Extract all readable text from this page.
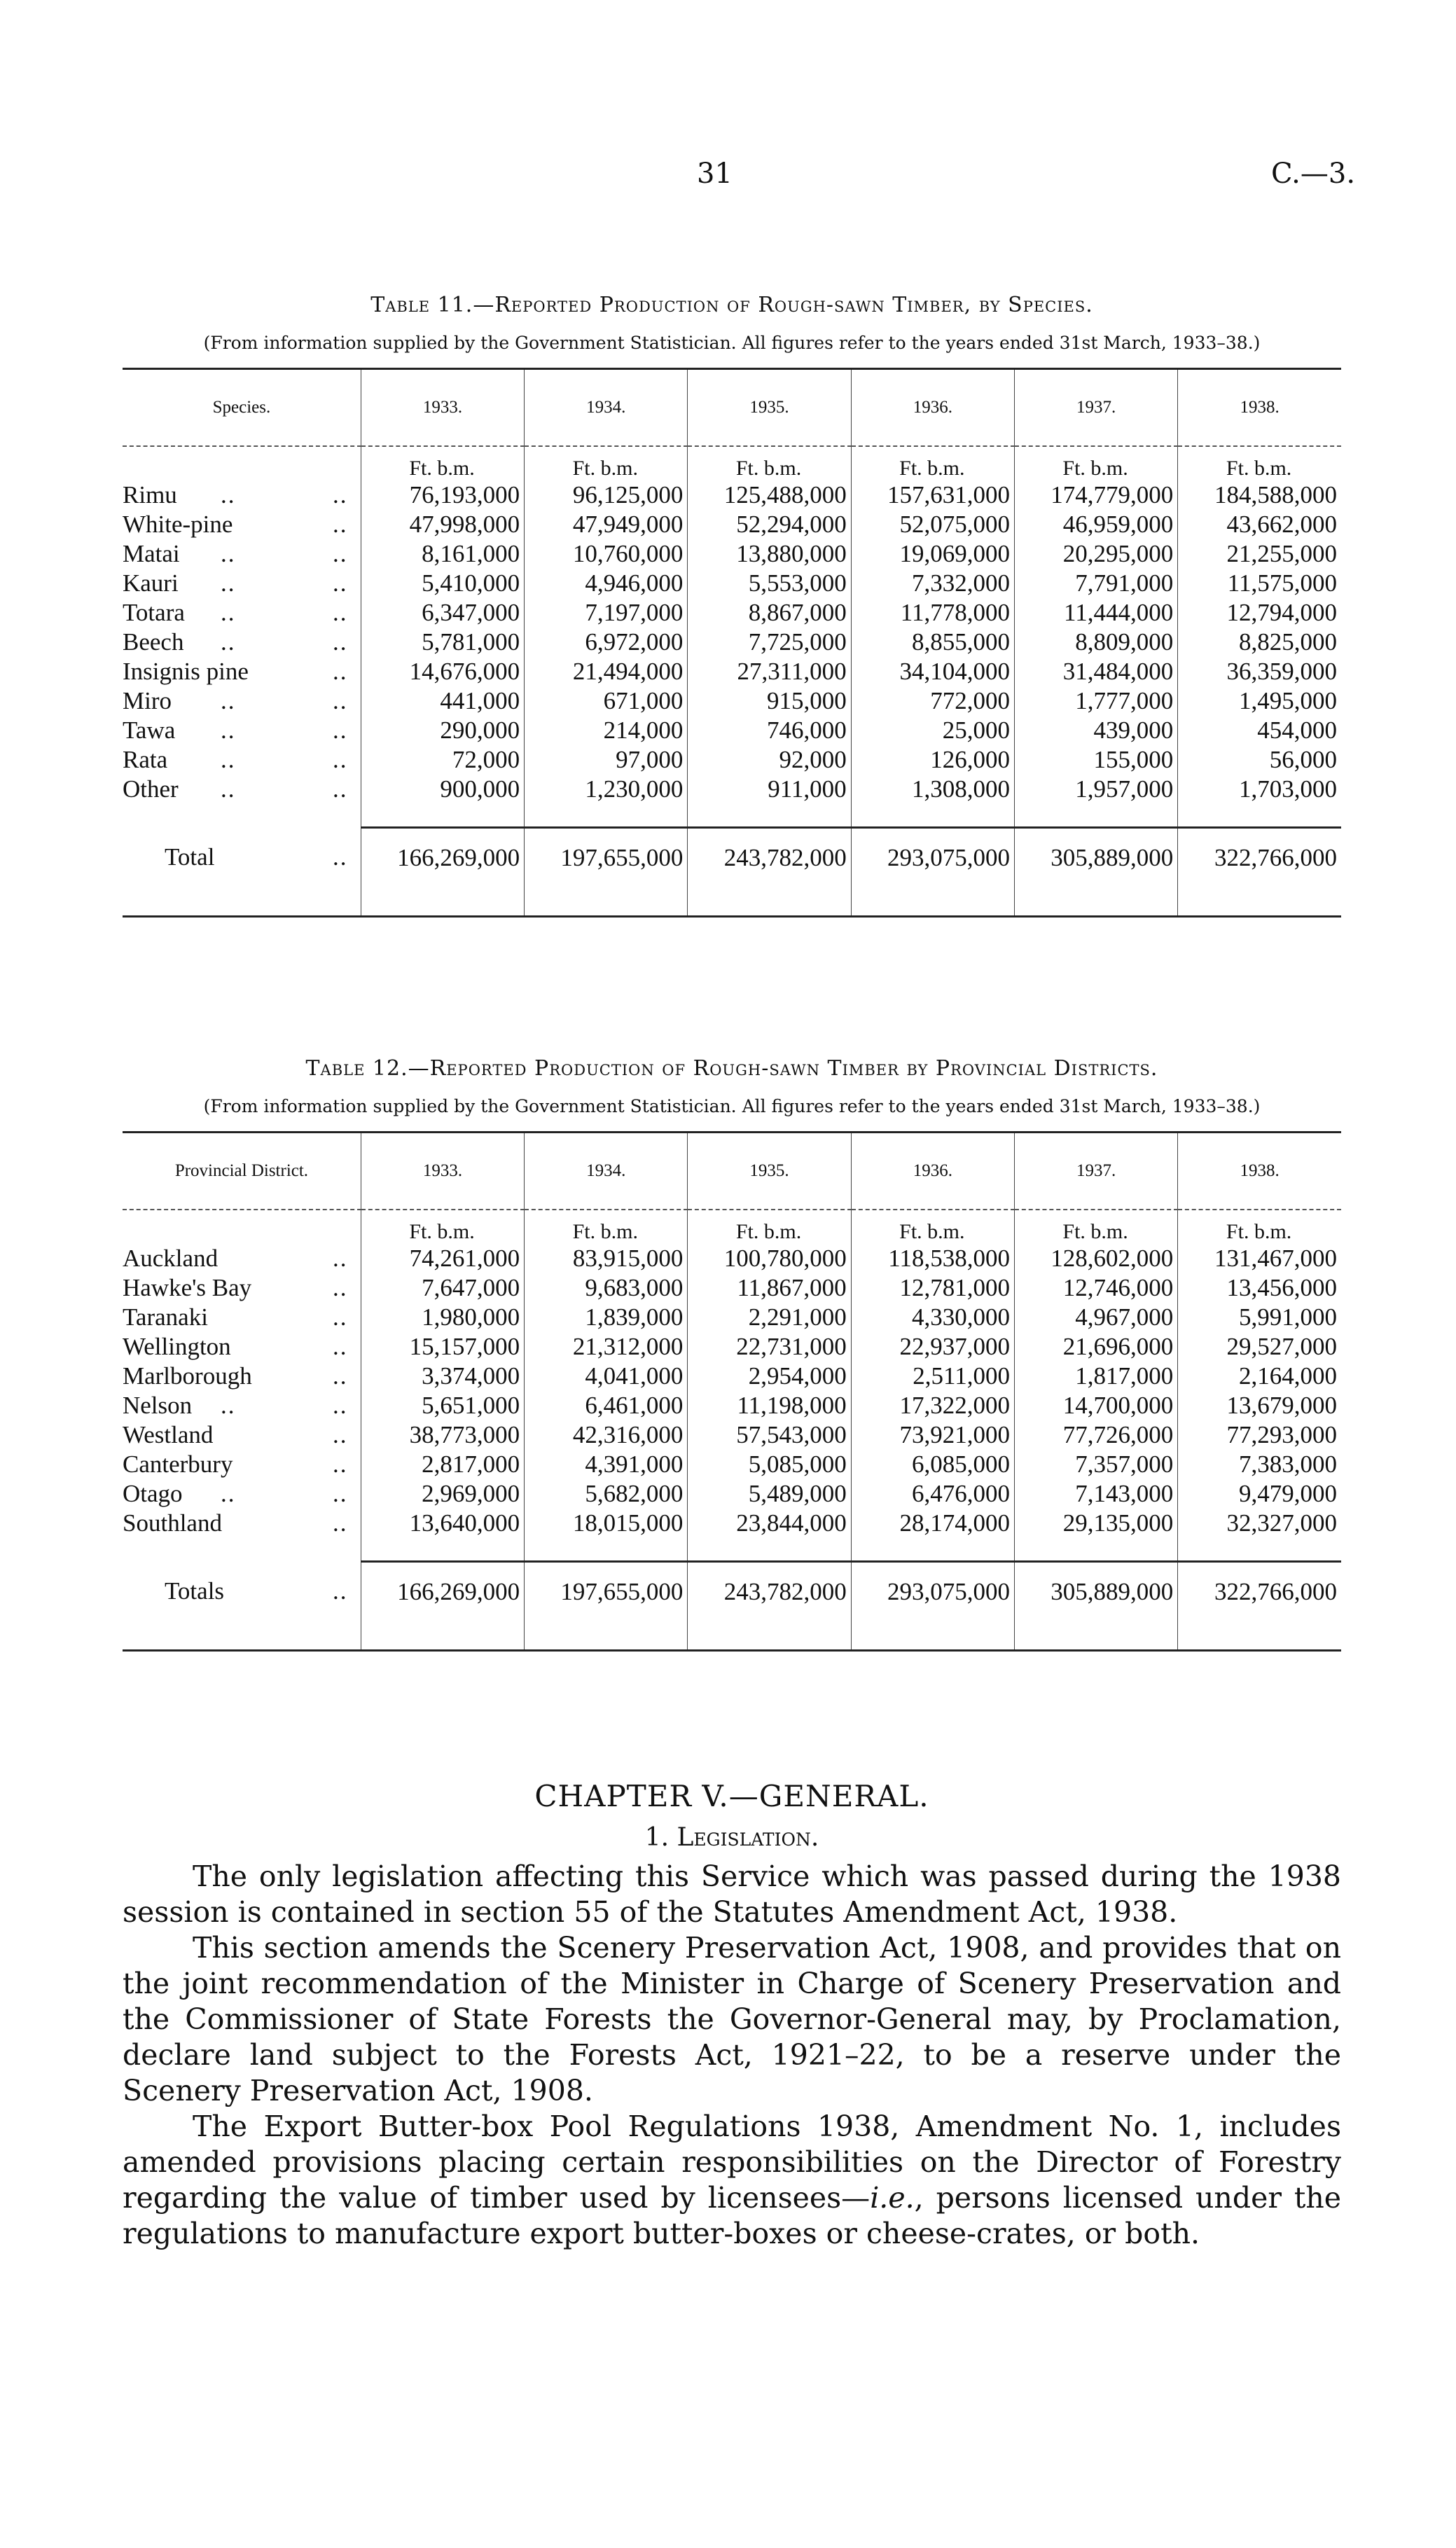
31	C.—3.

Table 11.—Reported Production of Rough-sawn Timber, by Species.

(From information supplied by the Government Statistician. All figures refer to the years ended 31st March, 1933–38.)
Species.	1933.	1934.	1935.	1936.	1937.	1938.
	Ft. b.m.	Ft. b.m.	Ft. b.m.	Ft. b.m.	Ft. b.m.	Ft. b.m.
Rimu .. ..	76,193,000	96,125,000	125,488,000	157,631,000	174,779,000	184,588,000
White-pine ..	47,998,000	47,949,000	52,294,000	52,075,000	46,959,000	43,662,000
Matai .. ..	8,161,000	10,760,000	13,880,000	19,069,000	20,295,000	21,255,000
Kauri .. ..	5,410,000	4,946,000	5,553,000	7,332,000	7,791,000	11,575,000
Totara .. ..	6,347,000	7,197,000	8,867,000	11,778,000	11,444,000	12,794,000
Beech .. ..	5,781,000	6,972,000	7,725,000	8,855,000	8,809,000	8,825,000
Insignis pine ..	14,676,000	21,494,000	27,311,000	34,104,000	31,484,000	36,359,000
Miro .. ..	441,000	671,000	915,000	772,000	1,777,000	1,495,000
Tawa .. ..	290,000	214,000	746,000	25,000	439,000	454,000
Rata .. ..	72,000	97,000	92,000	126,000	155,000	56,000
Other .. ..	900,000	1,230,000	911,000	1,308,000	1,957,000	1,703,000

Total ..	166,269,000	197,655,000	243,782,000	293,075,000	305,889,000	322,766,000

Table 12.—Reported Production of Rough-sawn Timber by Provincial Districts.

(From information supplied by the Government Statistician. All figures refer to the years ended 31st March, 1933–38.)
Provincial District.	1933.	1934.	1935.	1936.	1937.	1938.
	Ft. b.m.	Ft. b.m.	Ft. b.m.	Ft. b.m.	Ft. b.m.	Ft. b.m.
Auckland ..	74,261,000	83,915,000	100,780,000	118,538,000	128,602,000	131,467,000
Hawke's Bay ..	7,647,000	9,683,000	11,867,000	12,781,000	12,746,000	13,456,000
Taranaki ..	1,980,000	1,839,000	2,291,000	4,330,000	4,967,000	5,991,000
Wellington ..	15,157,000	21,312,000	22,731,000	22,937,000	21,696,000	29,527,000
Marlborough ..	3,374,000	4,041,000	2,954,000	2,511,000	1,817,000	2,164,000
Nelson .. ..	5,651,000	6,461,000	11,198,000	17,322,000	14,700,000	13,679,000
Westland ..	38,773,000	42,316,000	57,543,000	73,921,000	77,726,000	77,293,000
Canterbury ..	2,817,000	4,391,000	5,085,000	6,085,000	7,357,000	7,383,000
Otago .. ..	2,969,000	5,682,000	5,489,000	6,476,000	7,143,000	9,479,000
Southland ..	13,640,000	18,015,000	23,844,000	28,174,000	29,135,000	32,327,000

Totals ..	166,269,000	197,655,000	243,782,000	293,075,000	305,889,000	322,766,000

CHAPTER V.—GENERAL.

1. Legislation.

The only legislation affecting this Service which was passed during the 1938 session is contained in section 55 of the Statutes Amendment Act, 1938.

This section amends the Scenery Preservation Act, 1908, and provides that on the joint recommendation of the Minister in Charge of Scenery Preservation and the Commissioner of State Forests the Governor-General may, by Proclamation, declare land subject to the Forests Act, 1921–22, to be a reserve under the Scenery Preservation Act, 1908.

The Export Butter-box Pool Regulations 1938, Amendment No. 1, includes amended provisions placing certain responsibilities on the Director of Forestry regarding the value of timber used by licensees—i.e., persons licensed under the regulations to manufacture export butter-boxes or cheese-crates, or both.
